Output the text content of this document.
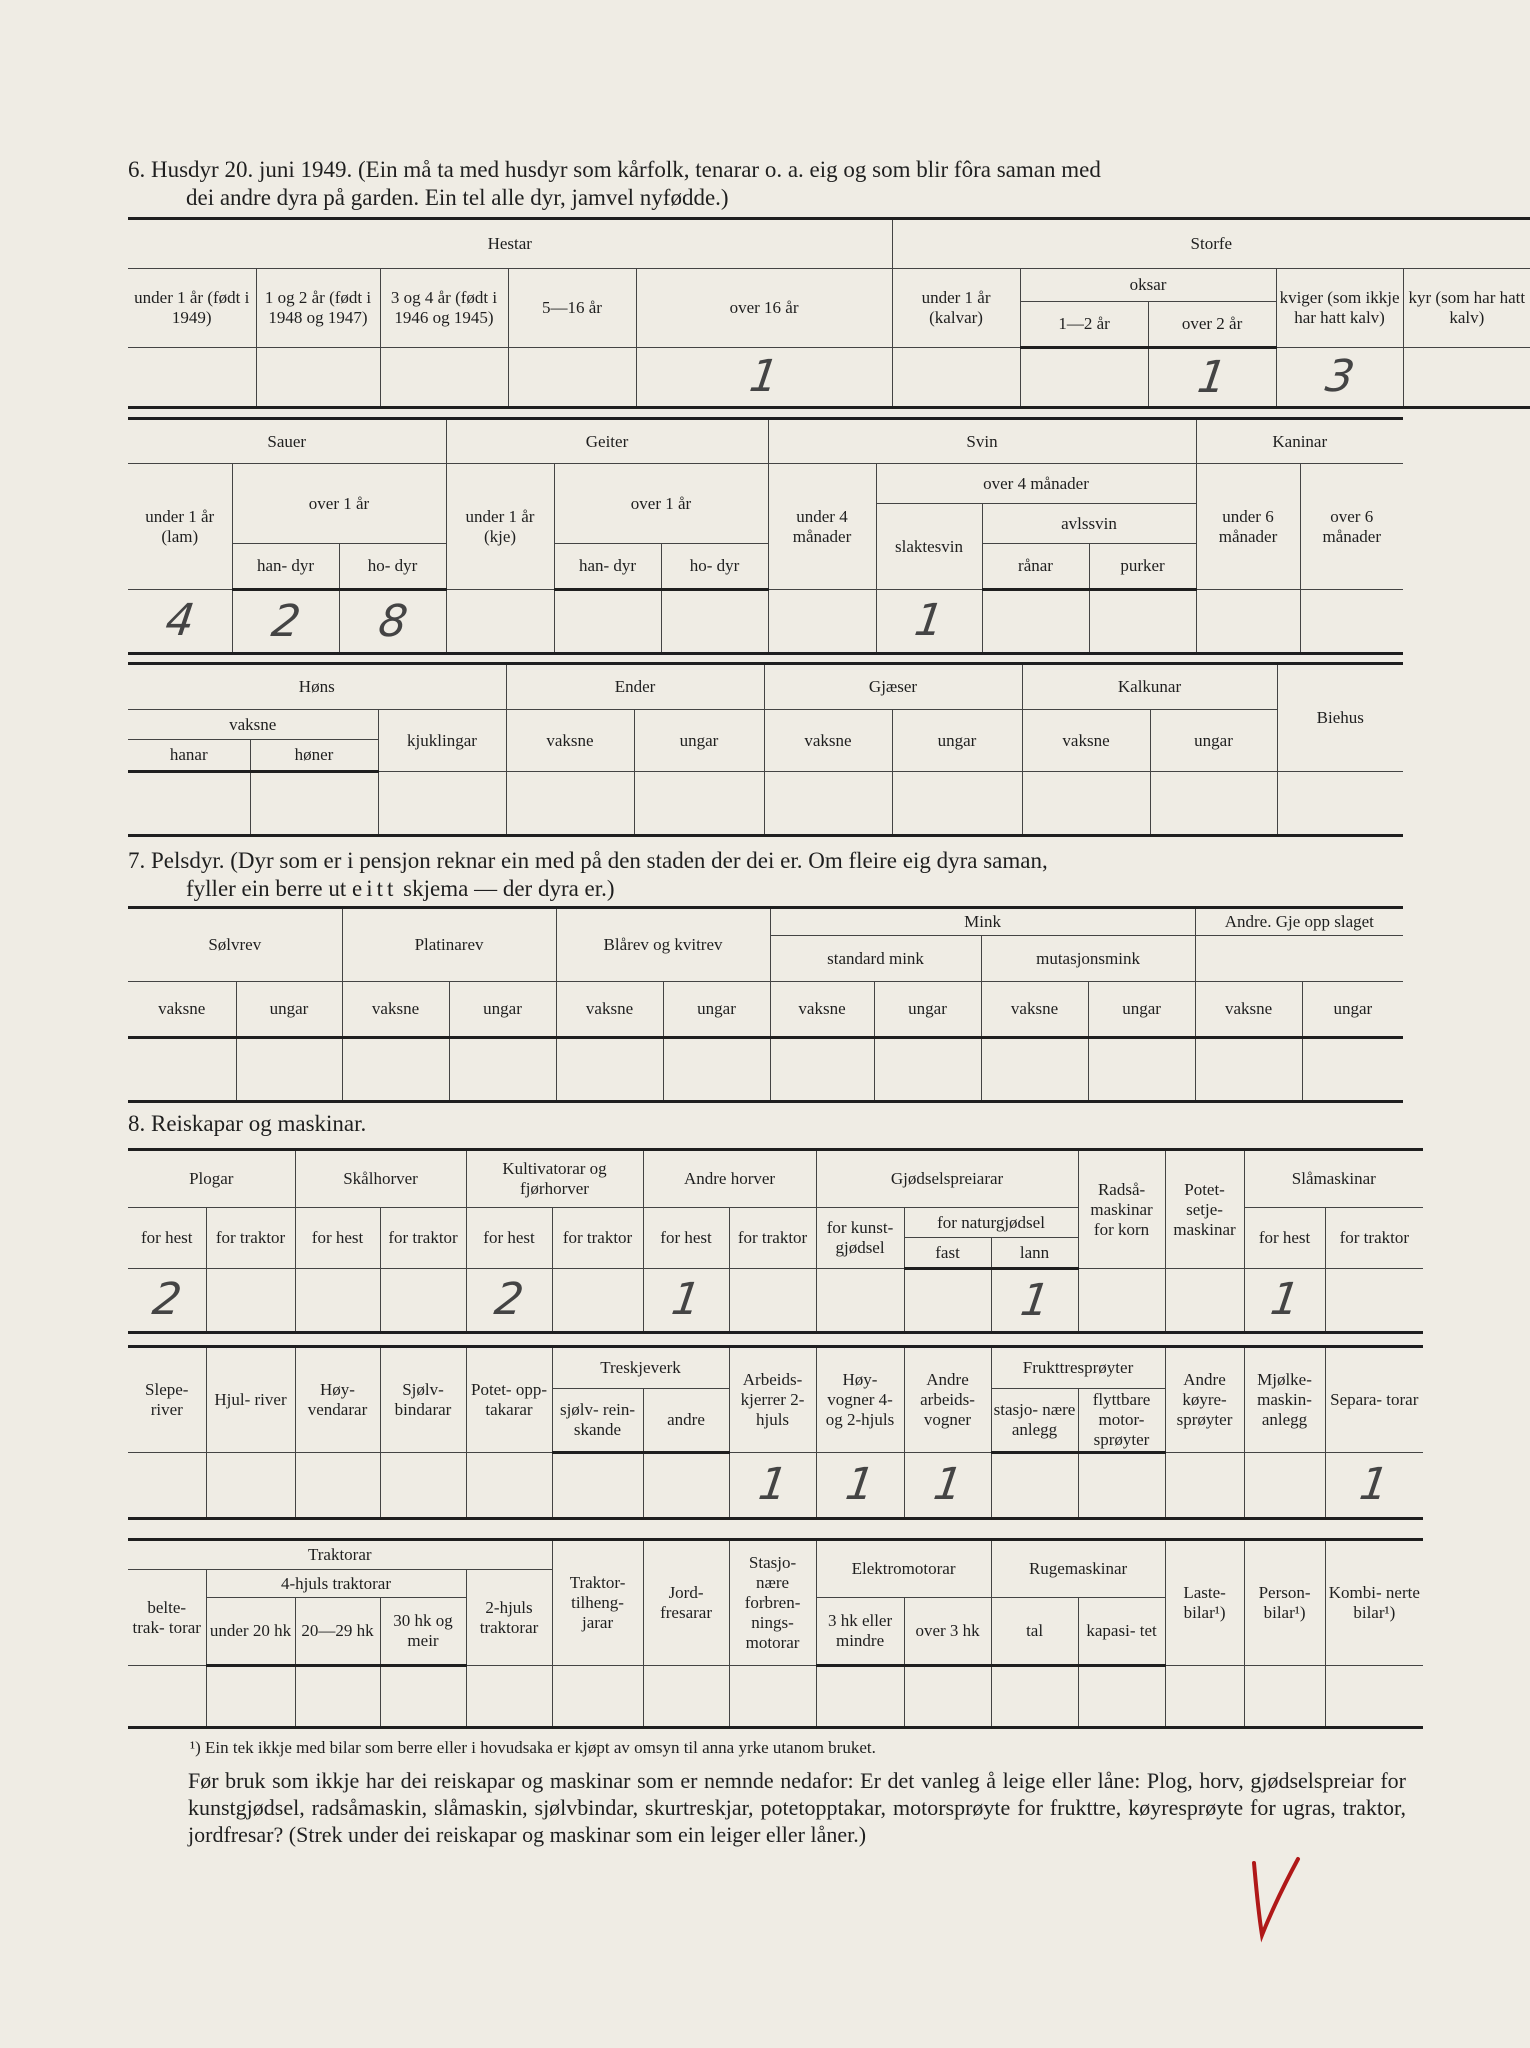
6. Husdyr 20. juni 1949. (Ein må ta med husdyr som kårfolk, tenarar o. a. eig og som blir fôra saman med
dei andre dyra på garden. Ein tel alle dyr, jamvel nyfødde.)
Hestar					Storfe				
under 1 år (født i 1949)	1 og 2 år (født i 1948 og 1947)	3 og 4 år (født i 1946 og 1945)	5—16 år	over 16 år	under 1 år (kalvar)	oksar		kviger (som ikkje har hatt kalv)	kyr (som har hatt kalv)
						1—2 år	over 2 år		
				1			1	3	
Sauer			Geiter			Svin				Kaninar	
under 1 år (lam)	over 1 år		under 1 år (kje)	over 1 år		under 4 månader	over 4 månader			under 6 månader	over 6 månader
							slaktesvin	avlssvin			
	han- dyr	ho- dyr		han- dyr	ho- dyr			rånar	purker		
4	2	8					1				
Høns			Ender		Gjæser		Kalkunar		Biehus
vaksne		kjuklingar	vaksne	ungar	vaksne	ungar	vaksne	ungar	
hanar	høner								

7. Pelsdyr. (Dyr som er i pensjon reknar ein med på den staden der dei er. Om fleire eig dyra saman,
fyller ein berre ut eitt skjema — der dyra er.)
Sølvrev		Platinarev		Blårev og kvitrev		Mink				Andre. Gje opp slaget	
						standard mink		mutasjonsmink			
vaksne	ungar	vaksne	ungar	vaksne	ungar	vaksne	ungar	vaksne	ungar	vaksne	ungar

8. Reiskapar og maskinar.
Plogar		Skålhorver		Kultivatorar og fjørhorver		Andre horver		Gjødselspreiarar			Radså- maskinar for korn	Potet- setje- maskinar	Slåmaskinar	
for hest	for traktor	for hest	for traktor	for hest	for traktor	for hest	for traktor	for kunst- gjødsel	for naturgjødsel				for hest	for traktor
									fast	lann				
2				2		1				1			1	
Slepe- river	Hjul- river	Høy- vendarar	Sjølv- bindarar	Potet- opp- takarar	Treskjeverk		Arbeids- kjerrer 2-hjuls	Høy- vogner 4- og 2-hjuls	Andre arbeids- vogner	Frukttresprøyter		Andre køyre- sprøyter	Mjølke- maskin- anlegg	Separa- torar
					sjølv- rein- skande	andre				stasjo- nære anlegg	flyttbare motor- sprøyter			
							1	1	1					1
Traktorar					Traktor- tilheng- jarar	Jord- fresarar	Stasjo- nære forbren- nings- motorar	Elektromotorar		Rugemaskinar		Laste- bilar¹)	Person- bilar¹)	Kombi- nerte bilar¹)
belte- trak- torar	4-hjuls traktorar			2-hjuls traktorar										
	under 20 hk	20—29 hk	30 hk og meir					3 hk eller mindre	over 3 hk	tal	kapasi- tet			

¹) Ein tek ikkje med bilar som berre eller i hovudsaka er kjøpt av omsyn til anna yrke utanom bruket.
Før bruk som ikkje har dei reiskapar og maskinar som er nemnde nedafor: Er det vanleg å leige eller låne: Plog, horv, gjødselspreiar for kunstgjødsel, radsåmaskin, slåmaskin, sjølvbindar, skurtreskjar, potetopptakar, motorsprøyte for frukttre, køyresprøyte for ugras, traktor, jordfresar? (Strek under dei reiskapar og maskinar som ein leiger eller låner.)
